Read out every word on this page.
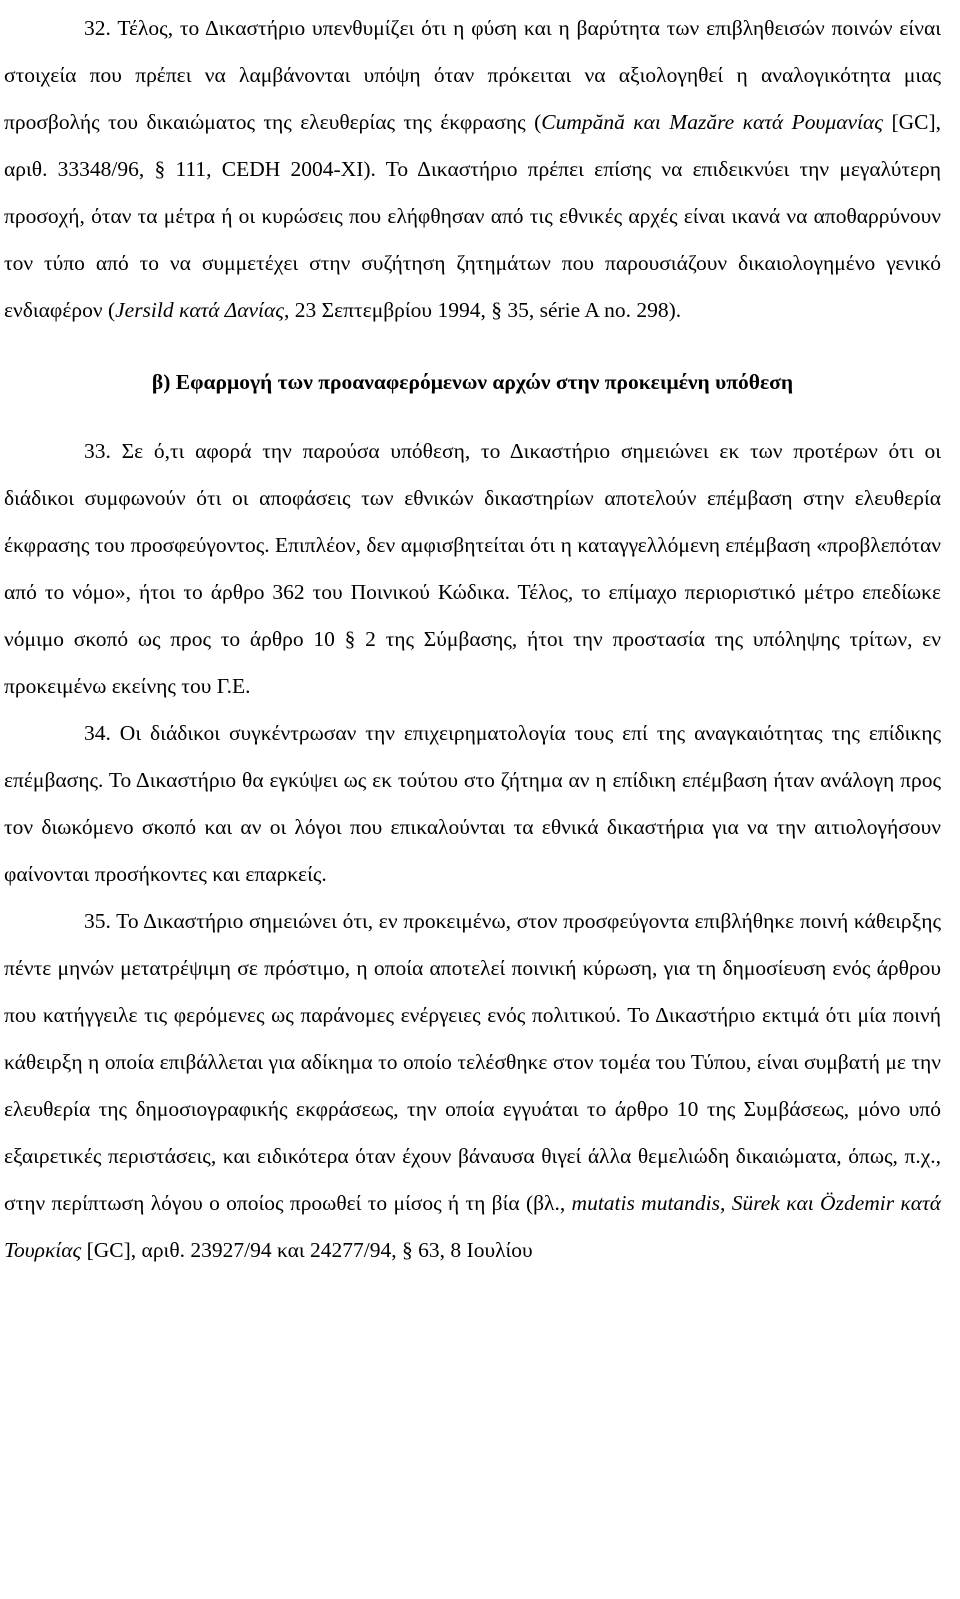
32. Τέλος, το Δικαστήριο υπενθυμίζει ότι η φύση και η βαρύτητα των επιβληθεισών ποινών είναι στοιχεία που πρέπει να λαμβάνονται υπόψη όταν πρόκειται να αξιολογηθεί η αναλογικότητα μιας προσβολής του δικαιώματος της ελευθερίας της έκφρασης (Cumpănă και Mazăre κατά Ρουμανίας [GC], αριθ. 33348/96, § 111, CEDH 2004-XI). Το Δικαστήριο πρέπει επίσης να επιδεικνύει την μεγαλύτερη προσοχή, όταν τα μέτρα ή οι κυρώσεις που ελήφθησαν από τις εθνικές αρχές είναι ικανά να αποθαρρύνουν τον τύπο από το να συμμετέχει στην συζήτηση ζητημάτων που παρουσιάζουν δικαιολογημένο γενικό ενδιαφέρον (Jersild κατά Δανίας, 23 Σεπτεμβρίου 1994, § 35, série A no. 298).

β) Εφαρμογή των προαναφερόμενων αρχών στην προκειμένη υπόθεση

33. Σε ό,τι αφορά την παρούσα υπόθεση, το Δικαστήριο σημειώνει εκ των προτέρων ότι οι διάδικοι συμφωνούν ότι οι αποφάσεις των εθνικών δικαστηρίων αποτελούν επέμβαση στην ελευθερία έκφρασης του προσφεύγοντος. Επιπλέον, δεν αμφισβητείται ότι η καταγγελλόμενη επέμβαση «προβλεπόταν από το νόμο», ήτοι το άρθρο 362 του Ποινικού Κώδικα. Τέλος, το επίμαχο περιοριστικό μέτρο επεδίωκε νόμιμο σκοπό ως προς το άρθρο 10 § 2 της Σύμβασης, ήτοι την προστασία της υπόληψης τρίτων, εν προκειμένω εκείνης του Γ.Ε.

34. Οι διάδικοι συγκέντρωσαν την επιχειρηματολογία τους επί της αναγκαιότητας της επίδικης επέμβασης. Το Δικαστήριο θα εγκύψει ως εκ τούτου στο ζήτημα αν η επίδικη επέμβαση ήταν ανάλογη προς τον διωκόμενο σκοπό και αν οι λόγοι που επικαλούνται τα εθνικά δικαστήρια για να την αιτιολογήσουν φαίνονται προσήκοντες και επαρκείς.

35. Το Δικαστήριο σημειώνει ότι, εν προκειμένω, στον προσφεύγοντα επιβλήθηκε ποινή κάθειρξης πέντε μηνών μετατρέψιμη σε πρόστιμο, η οποία αποτελεί ποινική κύρωση, για τη δημοσίευση ενός άρθρου που κατήγγειλε τις φερόμενες ως παράνομες ενέργειες ενός πολιτικού. Το Δικαστήριο εκτιμά ότι μία ποινή κάθειρξη η οποία επιβάλλεται για αδίκημα το οποίο τελέσθηκε στον τομέα του Τύπου, είναι συμβατή με την ελευθερία της δημοσιογραφικής εκφράσεως, την οποία εγγυάται το άρθρο 10 της Συμβάσεως, μόνο υπό εξαιρετικές περιστάσεις, και ειδικότερα όταν έχουν βάναυσα θιγεί άλλα θεμελιώδη δικαιώματα, όπως, π.χ., στην περίπτωση λόγου ο οποίος προωθεί το μίσος ή τη βία (βλ., mutatis mutandis, Sürek και Özdemir κατά Τουρκίας [GC], αριθ. 23927/94 και 24277/94, § 63, 8 Ιουλίου
